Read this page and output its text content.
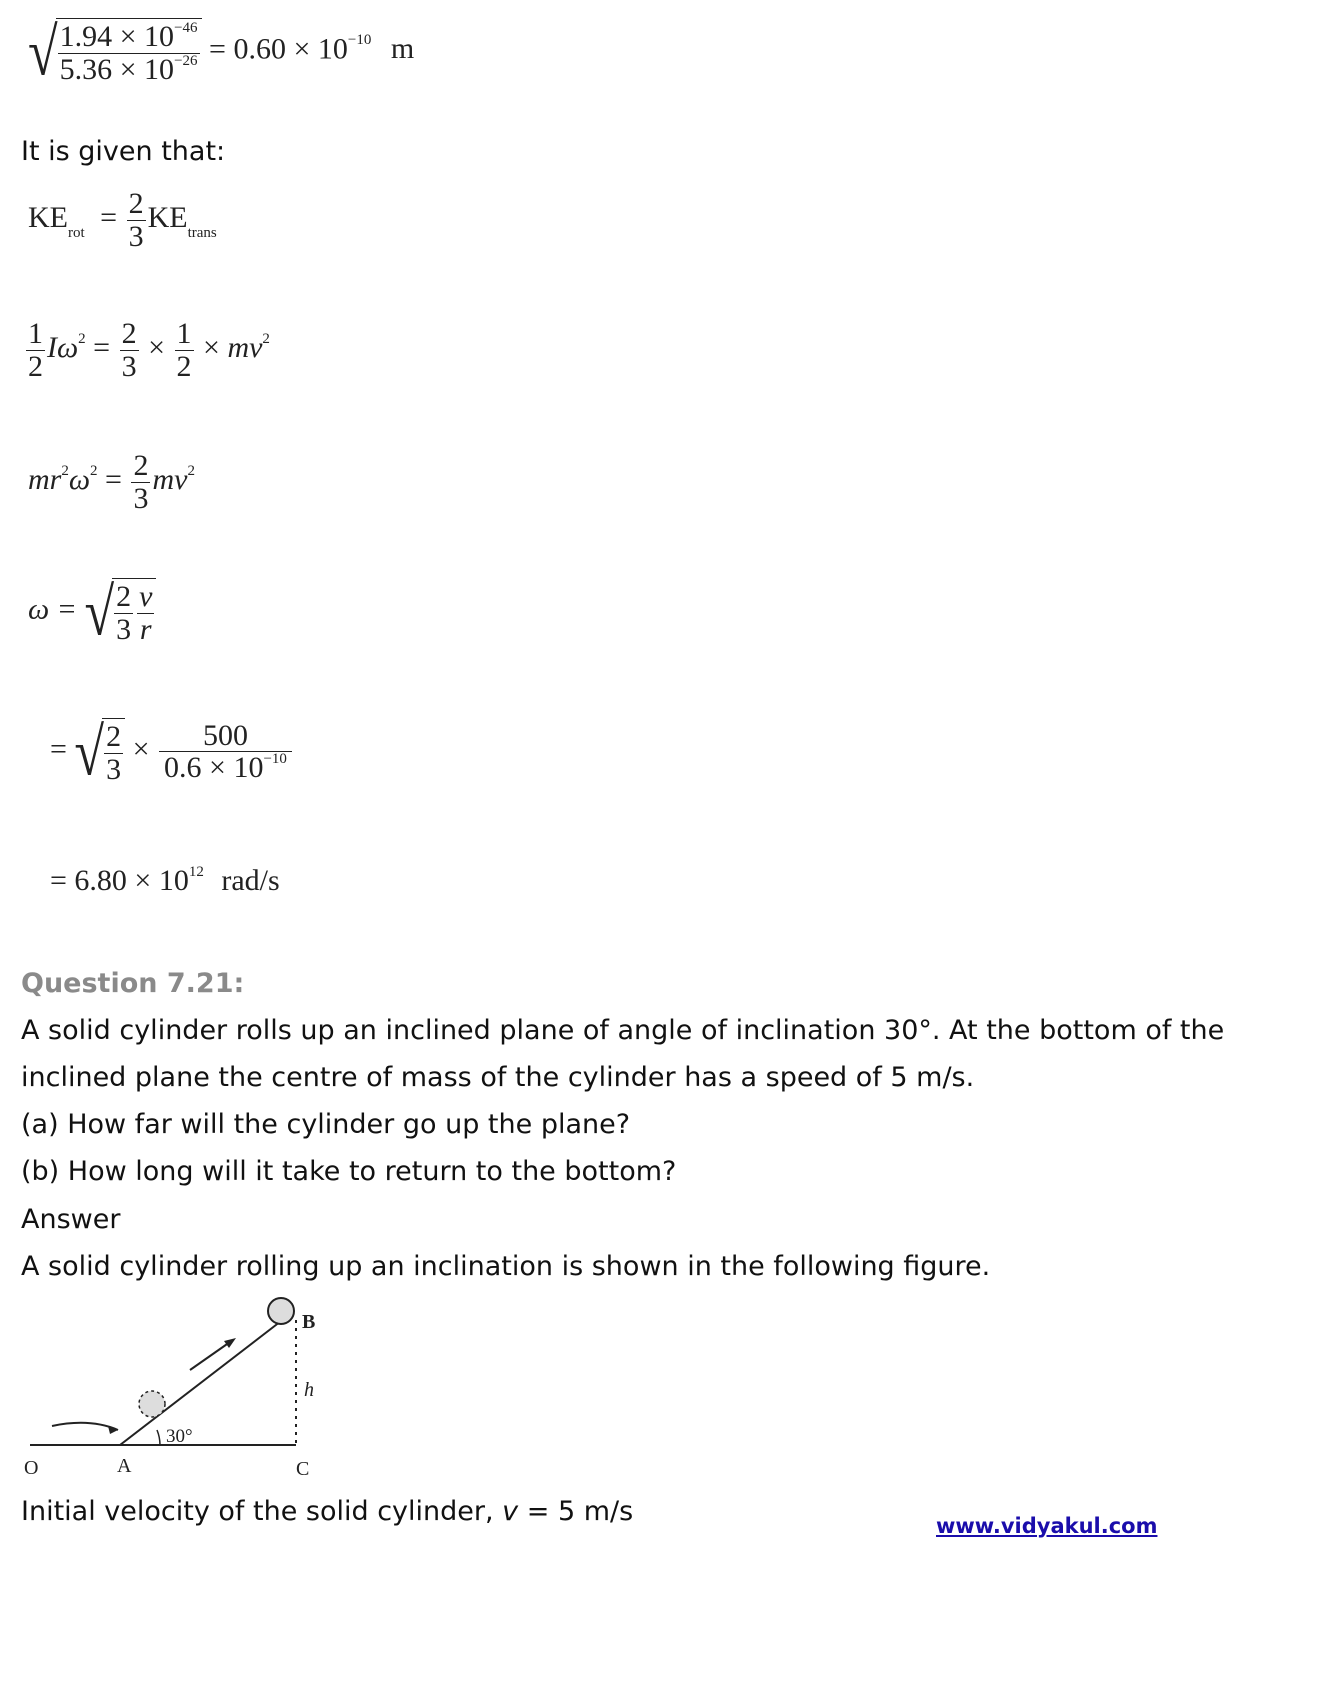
√ $\frac{1.94 \times 10^{-46}}{5.36 \times 10^{-26}} = 0.60 \times 10^{-10}$ m
It is given that:
$KE_{rot} = \frac{2}{3} KE_{trans}$
$\frac{1}{2} I\omega^2 = \frac{2}{3} \times \frac{1}{2} \times mv^2$
$mr^2\omega^2 = \frac{2}{3} mv^2$
ω = √ $\frac{2}{3} \frac{v}{r}$
= √ $\frac{2}{3} \times \frac{500}{0.6 \times 10^{-10}}$
= $6.80 \times 10^{12}$ rad/s
Question 7.21:
A solid cylinder rolls up an inclined plane of angle of inclination 30°. At the bottom of the
inclined plane the centre of mass of the cylinder has a speed of 5 m/s.
(a) How far will the cylinder go up the plane?
(b) How long will it take to return to the bottom?
Answer
A solid cylinder rolling up an inclination is shown in the following figure.
30°
O	A
B
C
h
Initial velocity of the solid cylinder, v = 5 m/s	www.vidyakul.com
